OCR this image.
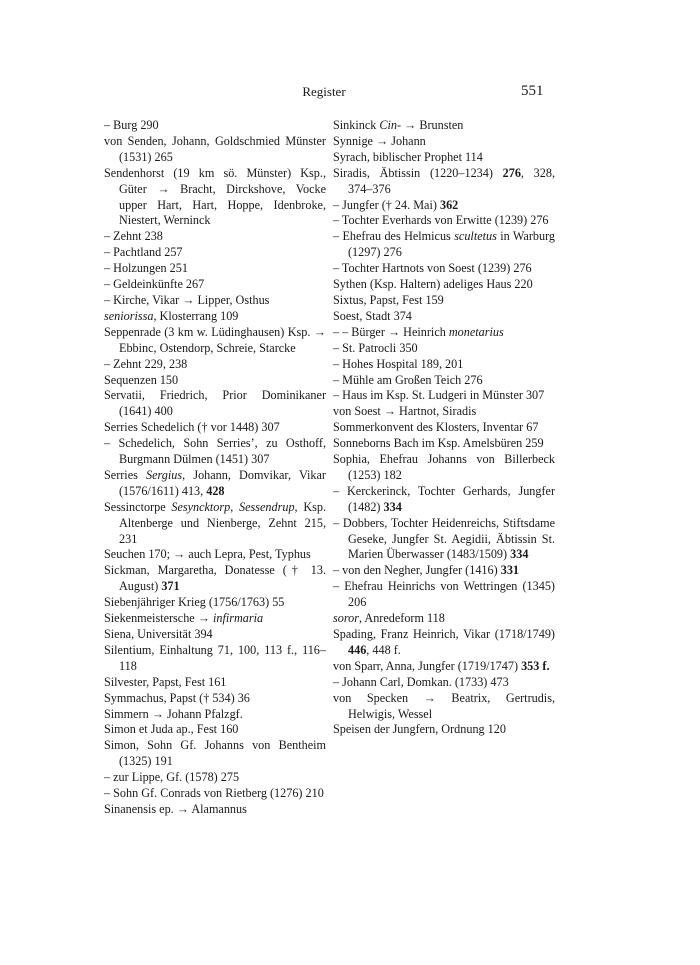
Register	551
– Burg 290
von Senden, Johann, Goldschmied Münster (1531) 265
Sendenhorst (19 km sö. Münster) Ksp., Güter → Bracht, Dirckshove, Vocke upper Hart, Hart, Hoppe, Idenbroke, Niestert, Werninck
– Zehnt 238
– Pachtland 257
– Holzungen 251
– Geldeinkünfte 267
– Kirche, Vikar → Lipper, Osthus
seniorissa, Klosterrang 109
Seppenrade (3 km w. Lüdinghausen) Ksp. → Ebbinc, Ostendorp, Schreie, Starcke
– Zehnt 229, 238
Sequenzen 150
Servatii, Friedrich, Prior Dominikaner (1641) 400
Serries Schedelich († vor 1448) 307
– Schedelich, Sohn Serries’, zu Osthoff, Burgmann Dülmen (1451) 307
Serries Sergius, Johann, Domvikar, Vikar (1576/1611) 413, 428
Sessinctorpe Sesyncktorp, Sessendrup, Ksp. Altenberge und Nienberge, Zehnt 215, 231
Seuchen 170; → auch Lepra, Pest, Typhus
Sickman, Margaretha, Donatesse († 13. August) 371
Siebenjähriger Krieg (1756/1763) 55
Siekenmeistersche → infirmaria
Siena, Universität 394
Silentium, Einhaltung 71, 100, 113 f., 116–118
Silvester, Papst, Fest 161
Symmachus, Papst († 534) 36
Simmern → Johann Pfalzgf.
Simon et Juda ap., Fest 160
Simon, Sohn Gf. Johanns von Bentheim (1325) 191
– zur Lippe, Gf. (1578) 275
– Sohn Gf. Conrads von Rietberg (1276) 210
Sinanensis ep. → Alamannus
Sinkinck Cin- → Brunsten
Synnige → Johann
Syrach, biblischer Prophet 114
Siradis, Äbtissin (1220–1234) 276, 328, 374–376
– Jungfer († 24. Mai) 362
– Tochter Everhards von Erwitte (1239) 276
– Ehefrau des Helmicus scultetus in Warburg (1297) 276
– Tochter Hartnots von Soest (1239) 276
Sythen (Ksp. Haltern) adeliges Haus 220
Sixtus, Papst, Fest 159
Soest, Stadt 374
– – Bürger → Heinrich monetarius
– St. Patrocli 350
– Hohes Hospital 189, 201
– Mühle am Großen Teich 276
– Haus im Ksp. St. Ludgeri in Münster 307
von Soest → Hartnot, Siradis
Sommerkonvent des Klosters, Inventar 67
Sonneborns Bach im Ksp. Amelsbüren 259
Sophia, Ehefrau Johanns von Billerbeck (1253) 182
– Kerckerinck, Tochter Gerhards, Jungfer (1482) 334
– Dobbers, Tochter Heidenreichs, Stiftsdame Geseke, Jungfer St. Aegidii, Äbtissin St. Marien Überwasser (1483/1509) 334
– von den Negher, Jungfer (1416) 331
– Ehefrau Heinrichs von Wettringen (1345) 206
soror, Anredeform 118
Spading, Franz Heinrich, Vikar (1718/1749) 446, 448 f.
von Sparr, Anna, Jungfer (1719/1747) 353 f.
– Johann Carl, Domkan. (1733) 473
von Specken → Beatrix, Gertrudis, Helwigis, Wessel
Speisen der Jungfern, Ordnung 120
